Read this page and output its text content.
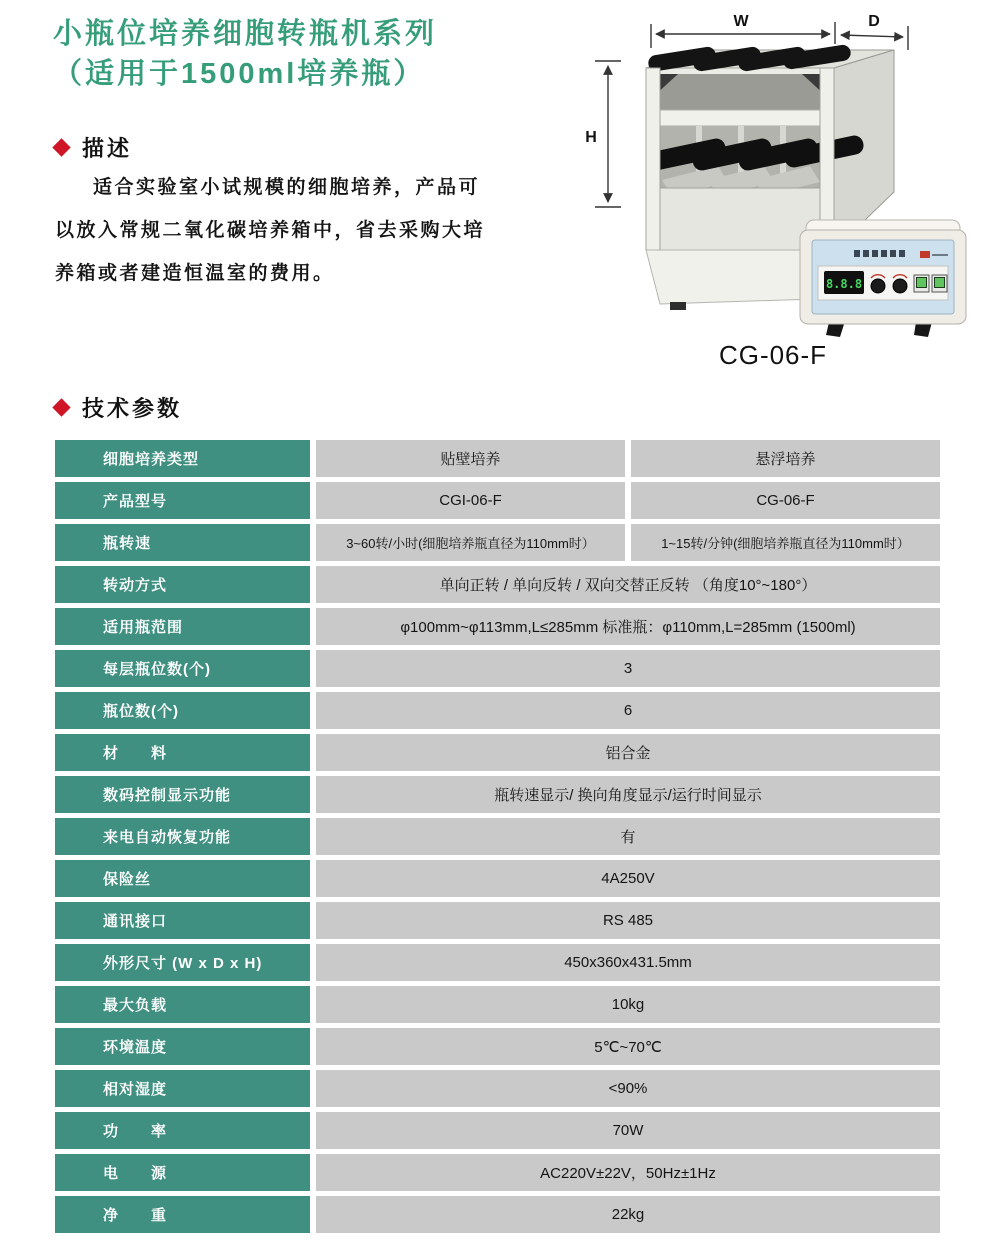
小瓶位培养细胞转瓶机系列
（适用于1500ml培养瓶）
描述

适合实验室小试规模的细胞培养，产品可以放入常规二氧化碳培养箱中，省去采购大培养箱或者建造恒温室的费用。

W	D
H
8.8.8
CG-06-F
技术参数
细胞培养类型	贴壁培养	悬浮培养
产品型号	CGI-06-F	CG-06-F
瓶转速	3~60转/小时(细胞培养瓶直径为110mm时）	1~15转/分钟(细胞培养瓶直径为110mm时）
转动方式	单向正转 / 单向反转 / 双向交替正反转 （角度10°~180°）
适用瓶范围	φ100mm~φ113mm,L≤285mm 标准瓶：φ110mm,L=285mm (1500ml)
每层瓶位数(个)	3
瓶位数(个)	6
材　　料	铝合金
数码控制显示功能	瓶转速显示/ 换向角度显示/运行时间显示
来电自动恢复功能	有
保险丝	4A250V
通讯接口	RS 485
外形尺寸 (W x D x H)	450x360x431.5mm
最大负载	10kg
环境温度	5℃~70℃
相对湿度	<90%
功　　率	70W
电　　源	AC220V±22V，50Hz±1Hz
净　　重	22kg
